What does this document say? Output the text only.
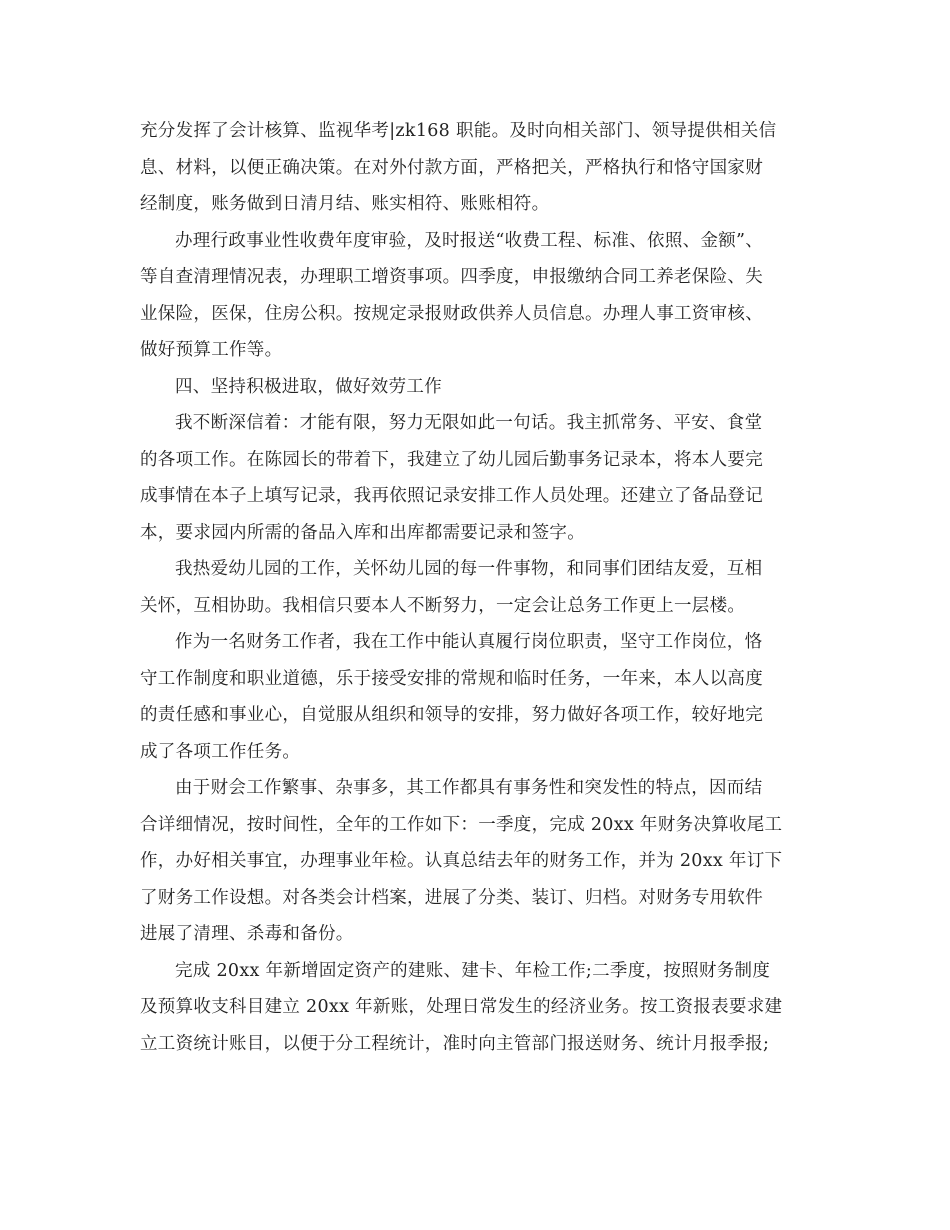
充分发挥了会计核算、监视华考|zk168 职能。及时向相关部门、领导提供相关信
息、材料，以便正确决策。在对外付款方面，严格把关，严格执行和恪守国家财
经制度，账务做到日清月结、账实相符、账账相符。

办理行政事业性收费年度审验，及时报送“收费工程、标准、依照、金额”、
等自查清理情况表，办理职工增资事项。四季度，申报缴纳合同工养老保险、失
业保险，医保，住房公积。按规定录报财政供养人员信息。办理人事工资审核、
做好预算工作等。

四、坚持积极进取，做好效劳工作

我不断深信着：才能有限，努力无限如此一句话。我主抓常务、平安、食堂
的各项工作。在陈园长的带着下，我建立了幼儿园后勤事务记录本，将本人要完
成事情在本子上填写记录，我再依照记录安排工作人员处理。还建立了备品登记
本，要求园内所需的备品入库和出库都需要记录和签字。

我热爱幼儿园的工作，关怀幼儿园的每一件事物，和同事们团结友爱，互相
关怀，互相协助。我相信只要本人不断努力，一定会让总务工作更上一层楼。

作为一名财务工作者，我在工作中能认真履行岗位职责，坚守工作岗位，恪
守工作制度和职业道德，乐于接受安排的常规和临时任务，一年来，本人以高度
的责任感和事业心，自觉服从组织和领导的安排，努力做好各项工作，较好地完
成了各项工作任务。

由于财会工作繁事、杂事多，其工作都具有事务性和突发性的特点，因而结
合详细情况，按时间性，全年的工作如下：一季度，完成 20xx 年财务决算收尾工
作，办好相关事宜，办理事业年检。认真总结去年的财务工作，并为 20xx 年订下
了财务工作设想。对各类会计档案，进展了分类、装订、归档。对财务专用软件
进展了清理、杀毒和备份。

完成 20xx 年新增固定资产的建账、建卡、年检工作;二季度，按照财务制度
及预算收支科目建立 20xx 年新账，处理日常发生的经济业务。按工资报表要求建
立工资统计账目，以便于分工程统计，准时向主管部门报送财务、统计月报季报;
